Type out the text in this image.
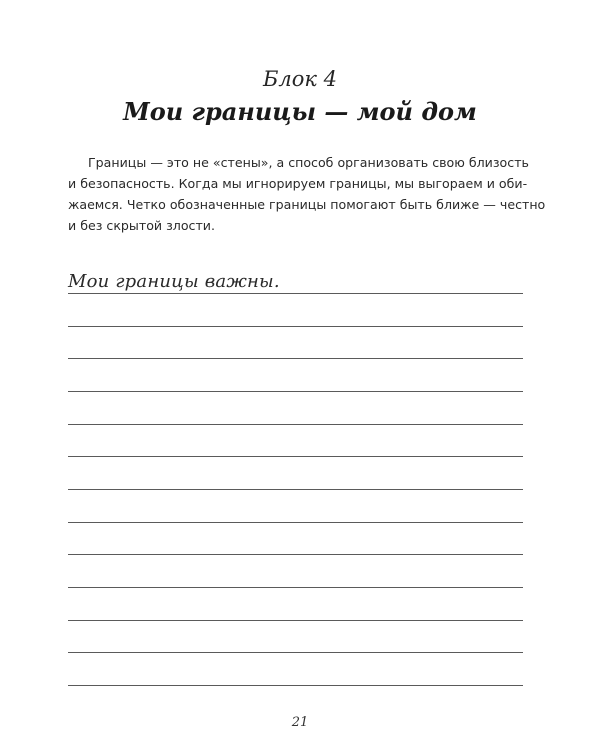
Блок 4
Мои границы — мой дом
Границы — это не «стены», а способ организовать свою близость
и безопасность. Когда мы игнорируем границы, мы выгораем и оби-
жаемся. Четко обозначенные границы помогают быть ближе — честно
и без скрытой злости.
Мои границы важны.
21
